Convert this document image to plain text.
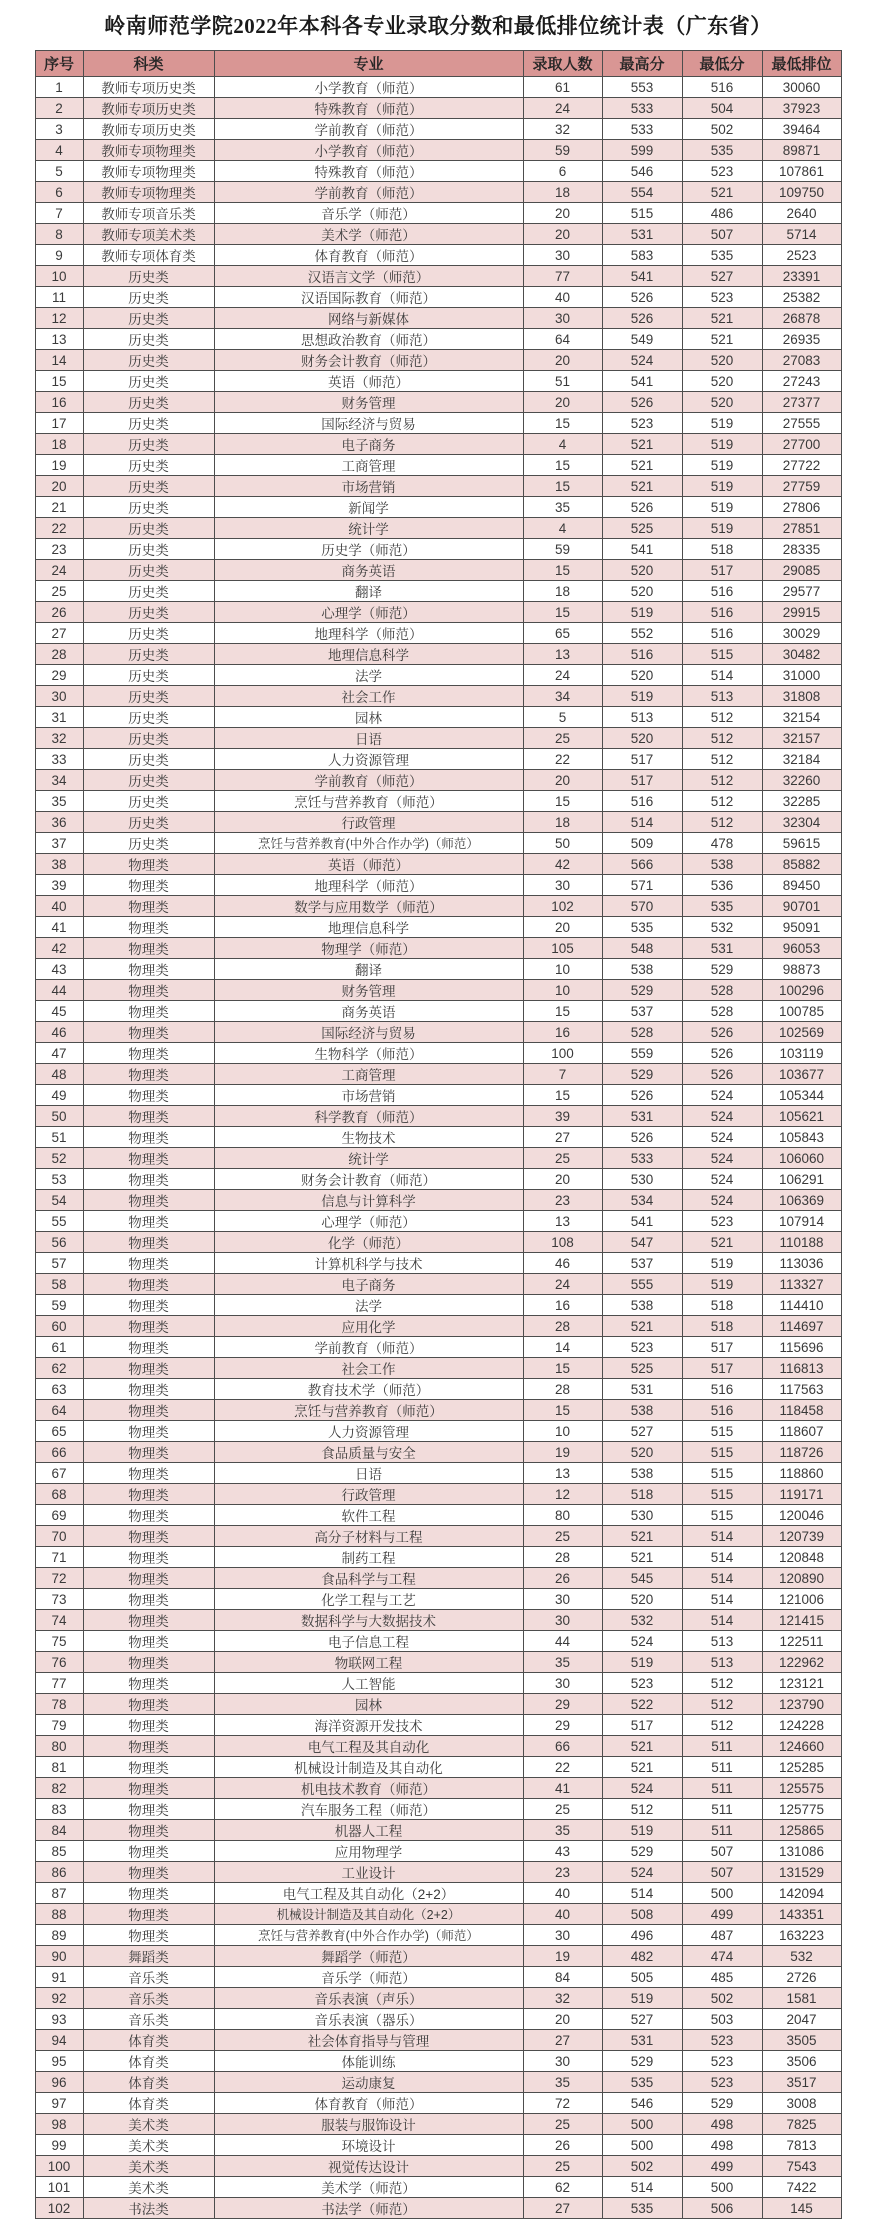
岭南师范学院2022年本科各专业录取分数和最低排位统计表（广东省）
序号	科类	专业	录取人数	最高分	最低分	最低排位
1	教师专项历史类	小学教育（师范）	61	553	516	30060
2	教师专项历史类	特殊教育（师范）	24	533	504	37923
3	教师专项历史类	学前教育（师范）	32	533	502	39464
4	教师专项物理类	小学教育（师范）	59	599	535	89871
5	教师专项物理类	特殊教育（师范）	6	546	523	107861
6	教师专项物理类	学前教育（师范）	18	554	521	109750
7	教师专项音乐类	音乐学（师范）	20	515	486	2640
8	教师专项美术类	美术学（师范）	20	531	507	5714
9	教师专项体育类	体育教育（师范）	30	583	535	2523
10	历史类	汉语言文学（师范）	77	541	527	23391
11	历史类	汉语国际教育（师范）	40	526	523	25382
12	历史类	网络与新媒体	30	526	521	26878
13	历史类	思想政治教育（师范）	64	549	521	26935
14	历史类	财务会计教育（师范）	20	524	520	27083
15	历史类	英语（师范）	51	541	520	27243
16	历史类	财务管理	20	526	520	27377
17	历史类	国际经济与贸易	15	523	519	27555
18	历史类	电子商务	4	521	519	27700
19	历史类	工商管理	15	521	519	27722
20	历史类	市场营销	15	521	519	27759
21	历史类	新闻学	35	526	519	27806
22	历史类	统计学	4	525	519	27851
23	历史类	历史学（师范）	59	541	518	28335
24	历史类	商务英语	15	520	517	29085
25	历史类	翻译	18	520	516	29577
26	历史类	心理学（师范）	15	519	516	29915
27	历史类	地理科学（师范）	65	552	516	30029
28	历史类	地理信息科学	13	516	515	30482
29	历史类	法学	24	520	514	31000
30	历史类	社会工作	34	519	513	31808
31	历史类	园林	5	513	512	32154
32	历史类	日语	25	520	512	32157
33	历史类	人力资源管理	22	517	512	32184
34	历史类	学前教育（师范）	20	517	512	32260
35	历史类	烹饪与营养教育（师范）	15	516	512	32285
36	历史类	行政管理	18	514	512	32304
37	历史类	烹饪与营养教育(中外合作办学)（师范）	50	509	478	59615
38	物理类	英语（师范）	42	566	538	85882
39	物理类	地理科学（师范）	30	571	536	89450
40	物理类	数学与应用数学（师范）	102	570	535	90701
41	物理类	地理信息科学	20	535	532	95091
42	物理类	物理学（师范）	105	548	531	96053
43	物理类	翻译	10	538	529	98873
44	物理类	财务管理	10	529	528	100296
45	物理类	商务英语	15	537	528	100785
46	物理类	国际经济与贸易	16	528	526	102569
47	物理类	生物科学（师范）	100	559	526	103119
48	物理类	工商管理	7	529	526	103677
49	物理类	市场营销	15	526	524	105344
50	物理类	科学教育（师范）	39	531	524	105621
51	物理类	生物技术	27	526	524	105843
52	物理类	统计学	25	533	524	106060
53	物理类	财务会计教育（师范）	20	530	524	106291
54	物理类	信息与计算科学	23	534	524	106369
55	物理类	心理学（师范）	13	541	523	107914
56	物理类	化学（师范）	108	547	521	110188
57	物理类	计算机科学与技术	46	537	519	113036
58	物理类	电子商务	24	555	519	113327
59	物理类	法学	16	538	518	114410
60	物理类	应用化学	28	521	518	114697
61	物理类	学前教育（师范）	14	523	517	115696
62	物理类	社会工作	15	525	517	116813
63	物理类	教育技术学（师范）	28	531	516	117563
64	物理类	烹饪与营养教育（师范）	15	538	516	118458
65	物理类	人力资源管理	10	527	515	118607
66	物理类	食品质量与安全	19	520	515	118726
67	物理类	日语	13	538	515	118860
68	物理类	行政管理	12	518	515	119171
69	物理类	软件工程	80	530	515	120046
70	物理类	高分子材料与工程	25	521	514	120739
71	物理类	制药工程	28	521	514	120848
72	物理类	食品科学与工程	26	545	514	120890
73	物理类	化学工程与工艺	30	520	514	121006
74	物理类	数据科学与大数据技术	30	532	514	121415
75	物理类	电子信息工程	44	524	513	122511
76	物理类	物联网工程	35	519	513	122962
77	物理类	人工智能	30	523	512	123121
78	物理类	园林	29	522	512	123790
79	物理类	海洋资源开发技术	29	517	512	124228
80	物理类	电气工程及其自动化	66	521	511	124660
81	物理类	机械设计制造及其自动化	22	521	511	125285
82	物理类	机电技术教育（师范）	41	524	511	125575
83	物理类	汽车服务工程（师范）	25	512	511	125775
84	物理类	机器人工程	35	519	511	125865
85	物理类	应用物理学	43	529	507	131086
86	物理类	工业设计	23	524	507	131529
87	物理类	电气工程及其自动化（2+2）	40	514	500	142094
88	物理类	机械设计制造及其自动化（2+2）	40	508	499	143351
89	物理类	烹饪与营养教育(中外合作办学)（师范）	30	496	487	163223
90	舞蹈类	舞蹈学（师范）	19	482	474	532
91	音乐类	音乐学（师范）	84	505	485	2726
92	音乐类	音乐表演（声乐）	32	519	502	1581
93	音乐类	音乐表演（器乐）	20	527	503	2047
94	体育类	社会体育指导与管理	27	531	523	3505
95	体育类	体能训练	30	529	523	3506
96	体育类	运动康复	35	535	523	3517
97	体育类	体育教育（师范）	72	546	529	3008
98	美术类	服装与服饰设计	25	500	498	7825
99	美术类	环境设计	26	500	498	7813
100	美术类	视觉传达设计	25	502	499	7543
101	美术类	美术学（师范）	62	514	500	7422
102	书法类	书法学（师范）	27	535	506	145
